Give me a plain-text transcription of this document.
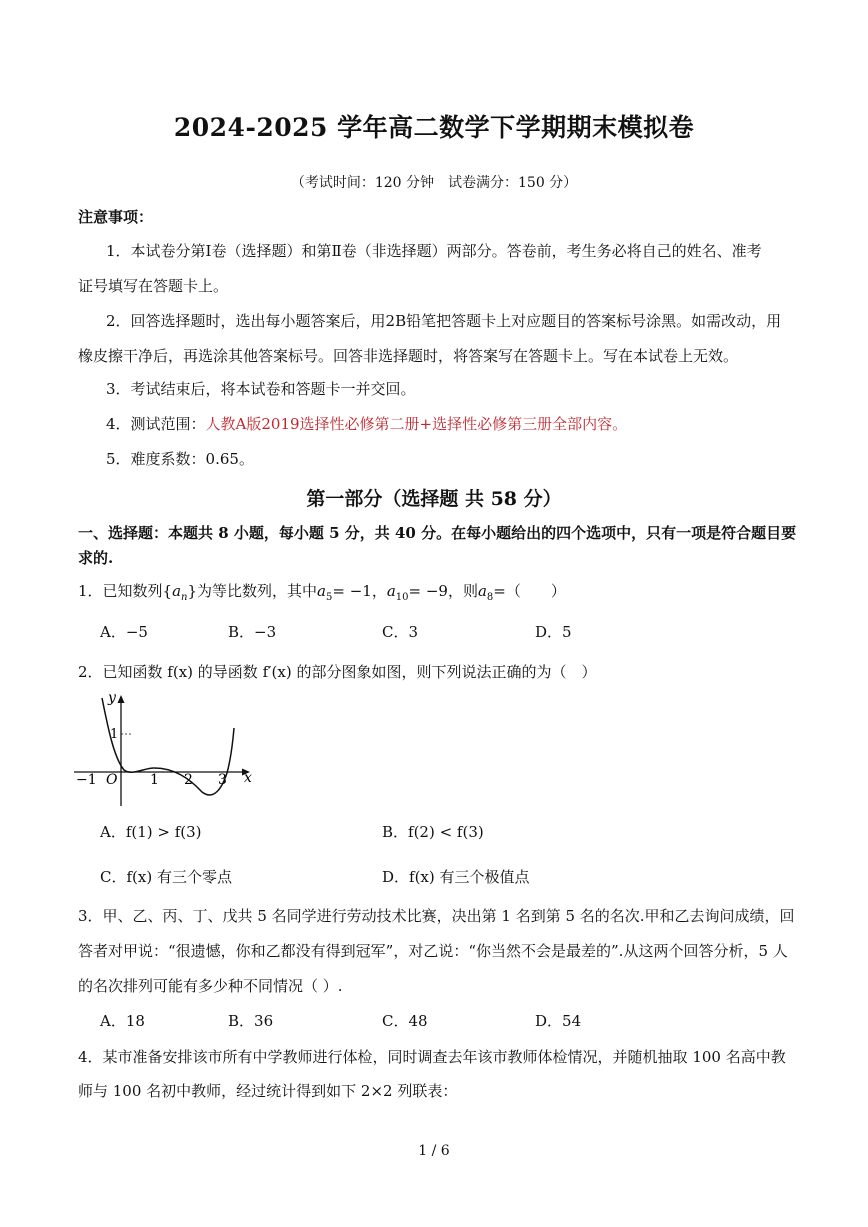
2024-2025 学年高二数学下学期期末模拟卷
（考试时间：120 分钟　试卷满分：150 分）
注意事项：
1．本试卷分第Ⅰ卷（选择题）和第Ⅱ卷（非选择题）两部分。答卷前，考生务必将自己的姓名、准考
证号填写在答题卡上。
2．回答选择题时，选出每小题答案后，用2B铅笔把答题卡上对应题目的答案标号涂黑。如需改动，用
橡皮擦干净后，再选涂其他答案标号。回答非选择题时，将答案写在答题卡上。写在本试卷上无效。
3．考试结束后，将本试卷和答题卡一并交回。
4．测试范围：人教A版2019选择性必修第二册+选择性必修第三册全部内容。
5．难度系数：0.65。
第一部分（选择题 共 58 分）
一、选择题：本题共 8 小题，每小题 5 分，共 40 分。在每小题给出的四个选项中，只有一项是符合题目要
求的.
1．已知数列$\{a_n\}$为等比数列，其中$a_5= -1$，$a_{10}= -9$，则$a_8=$（　　）
A．−5	B．−3	C．3	D．5
2．已知函数 f(x) 的导函数 f′(x) 的部分图象如图，则下列说法正确的为（　）
y
x
O
1
−1	1 2 3
A．f(1) > f(3)	B．f(2) < f(3)
C．f(x) 有三个零点	D．f(x) 有三个极值点
3．甲、乙、丙、丁、戊共 5 名同学进行劳动技术比赛，决出第 1 名到第 5 名的名次.甲和乙去询问成绩，回
答者对甲说：“很遗憾，你和乙都没有得到冠军”，对乙说：“你当然不会是最差的”.从这两个回答分析，5 人
的名次排列可能有多少种不同情况（ ）.
A．18	B．36	C．48	D．54
4．某市准备安排该市所有中学教师进行体检，同时调查去年该市教师体检情况，并随机抽取 100 名高中教
师与 100 名初中教师，经过统计得到如下 2×2 列联表：
1 / 6
